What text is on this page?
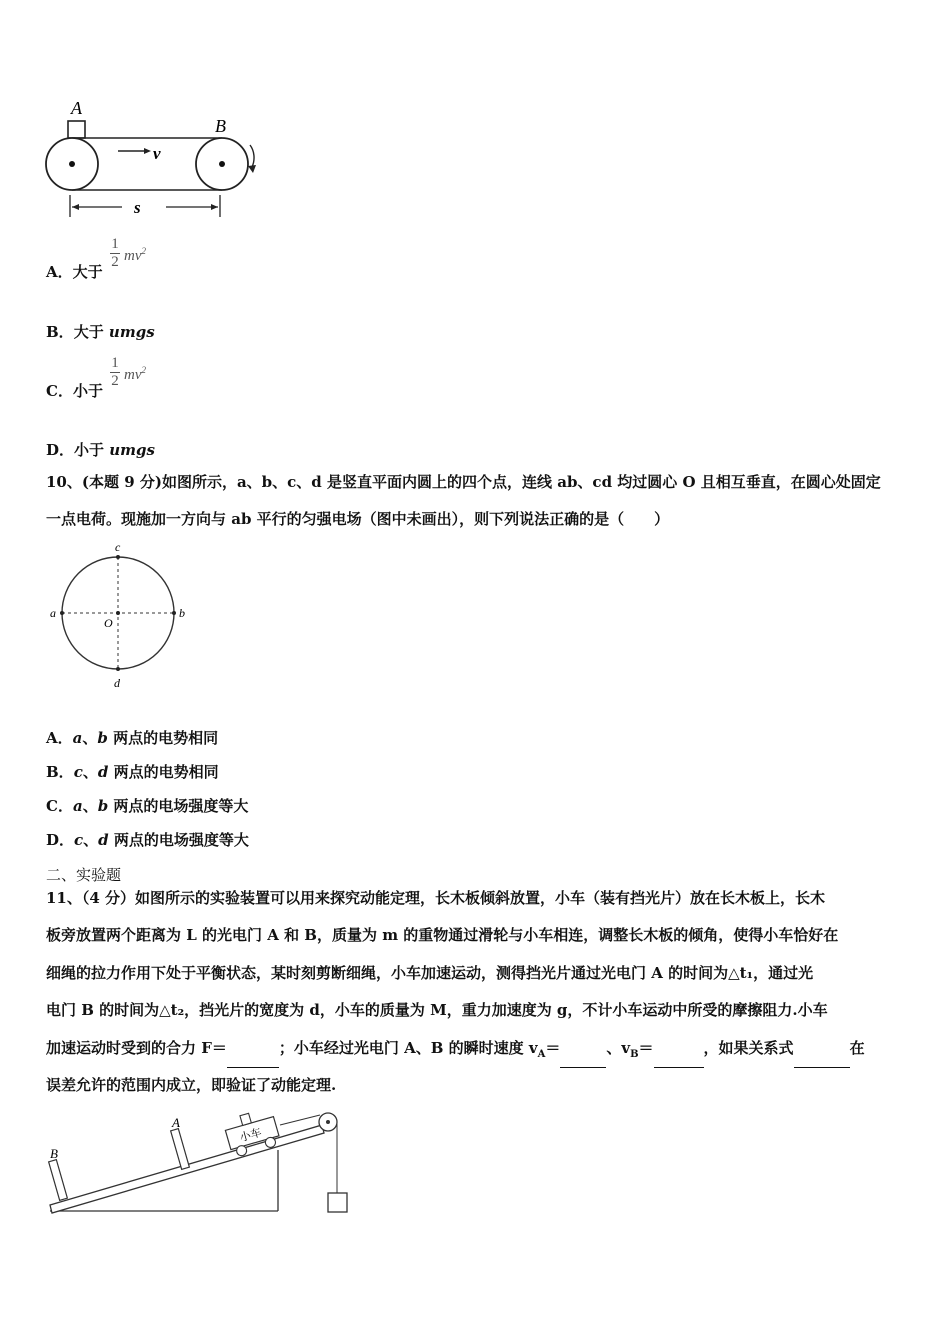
A
B
v
s
A．大于
1
2 $mv^2$
B．大于 umgs
C．小于
1
2 $mv^2$
D．小于 umgs
10、(本题 9 分)如图所示，a、b、c、d 是竖直平面内圆上的四个点，连线 ab、cd 均过圆心 O 且相互垂直，在圆心处固定
一点电荷。现施加一方向与 ab 平行的匀强电场（图中未画出），则下列说法正确的是（　　）
a	b
c
d
O
A．a、b 两点的电势相同
B．c、d 两点的电势相同
C．a、b 两点的电场强度等大
D．c、d 两点的电场强度等大
二、实验题
11、（4 分）如图所示的实验装置可以用来探究动能定理，长木板倾斜放置，小车（装有挡光片）放在长木板上，长木
板旁放置两个距离为 L 的光电门 A 和 B，质量为 m 的重物通过滑轮与小车相连，调整长木板的倾角，使得小车恰好在
细绳的拉力作用下处于平衡状态，某时刻剪断细绳，小车加速运动，测得挡光片通过光电门 A 的时间为△t₁，通过光
电门 B 的时间为△t₂，挡光片的宽度为 d，小车的质量为 M，重力加速度为 g，不计小车运动中所受的摩擦阻力.小车
加速运动时受到的合力 F＝	；小车经过光电门 A、B 的瞬时速度 $v_A=$	、$v_B=$	，如果关系式	在
误差允许的范围内成立，即验证了动能定理.
B
A
小车
